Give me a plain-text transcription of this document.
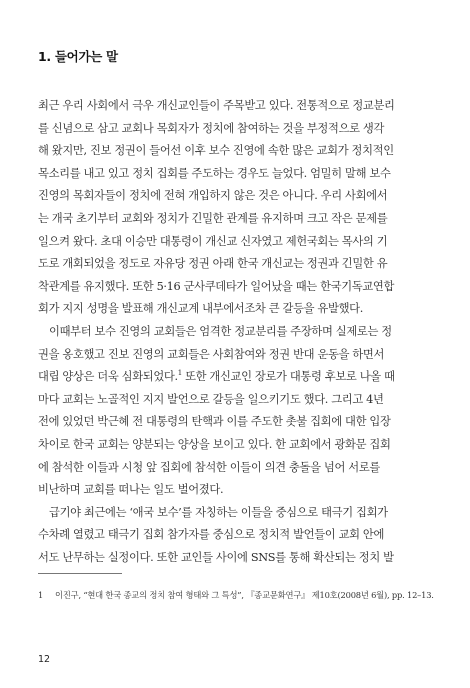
1. 들어가는 말
최근 우리 사회에서 극우 개신교인들이 주목받고 있다. 전통적으로 정교분리
를 신념으로 삼고 교회나 목회자가 정치에 참여하는 것을 부정적으로 생각
해 왔지만, 진보 정권이 들어선 이후 보수 진영에 속한 많은 교회가 정치적인
목소리를 내고 있고 정치 집회를 주도하는 경우도 늘었다. 엄밀히 말해 보수
진영의 목회자들이 정치에 전혀 개입하지 않은 것은 아니다. 우리 사회에서
는 개국 초기부터 교회와 정치가 긴밀한 관계를 유지하며 크고 작은 문제를
일으켜 왔다. 초대 이승만 대통령이 개신교 신자였고 제헌국회는 목사의 기
도로 개회되었을 정도로 자유당 정권 아래 한국 개신교는 정권과 긴밀한 유
착관계를 유지했다. 또한 5·16 군사쿠데타가 일어났을 때는 한국기독교연합
회가 지지 성명을 발표해 개신교계 내부에서조차 큰 갈등을 유발했다.
이때부터 보수 진영의 교회들은 엄격한 정교분리를 주장하며 실제로는 정
권을 옹호했고 진보 진영의 교회들은 사회참여와 정권 반대 운동을 하면서
대립 양상은 더욱 심화되었다.$^1$ 또한 개신교인 장로가 대통령 후보로 나올 때
마다 교회는 노골적인 지지 발언으로 갈등을 일으키기도 했다. 그리고 4년
전에 있었던 박근혜 전 대통령의 탄핵과 이를 주도한 촛불 집회에 대한 입장
차이로 한국 교회는 양분되는 양상을 보이고 있다. 한 교회에서 광화문 집회
에 참석한 이들과 시청 앞 집회에 참석한 이들이 의견 충돌을 넘어 서로를
비난하며 교회를 떠나는 일도 벌어졌다.
급기야 최근에는 ‘애국 보수’를 자칭하는 이들을 중심으로 태극기 집회가
수차례 열렸고 태극기 집회 참가자를 중심으로 정치적 발언들이 교회 안에
서도 난무하는 실정이다. 또한 교인들 사이에 SNS를 통해 확산되는 정치 발
1 이진구, “현대 한국 종교의 정치 참여 형태와 그 특성”, 『종교문화연구』 제10호(2008년 6월), pp. 12–13.
12
